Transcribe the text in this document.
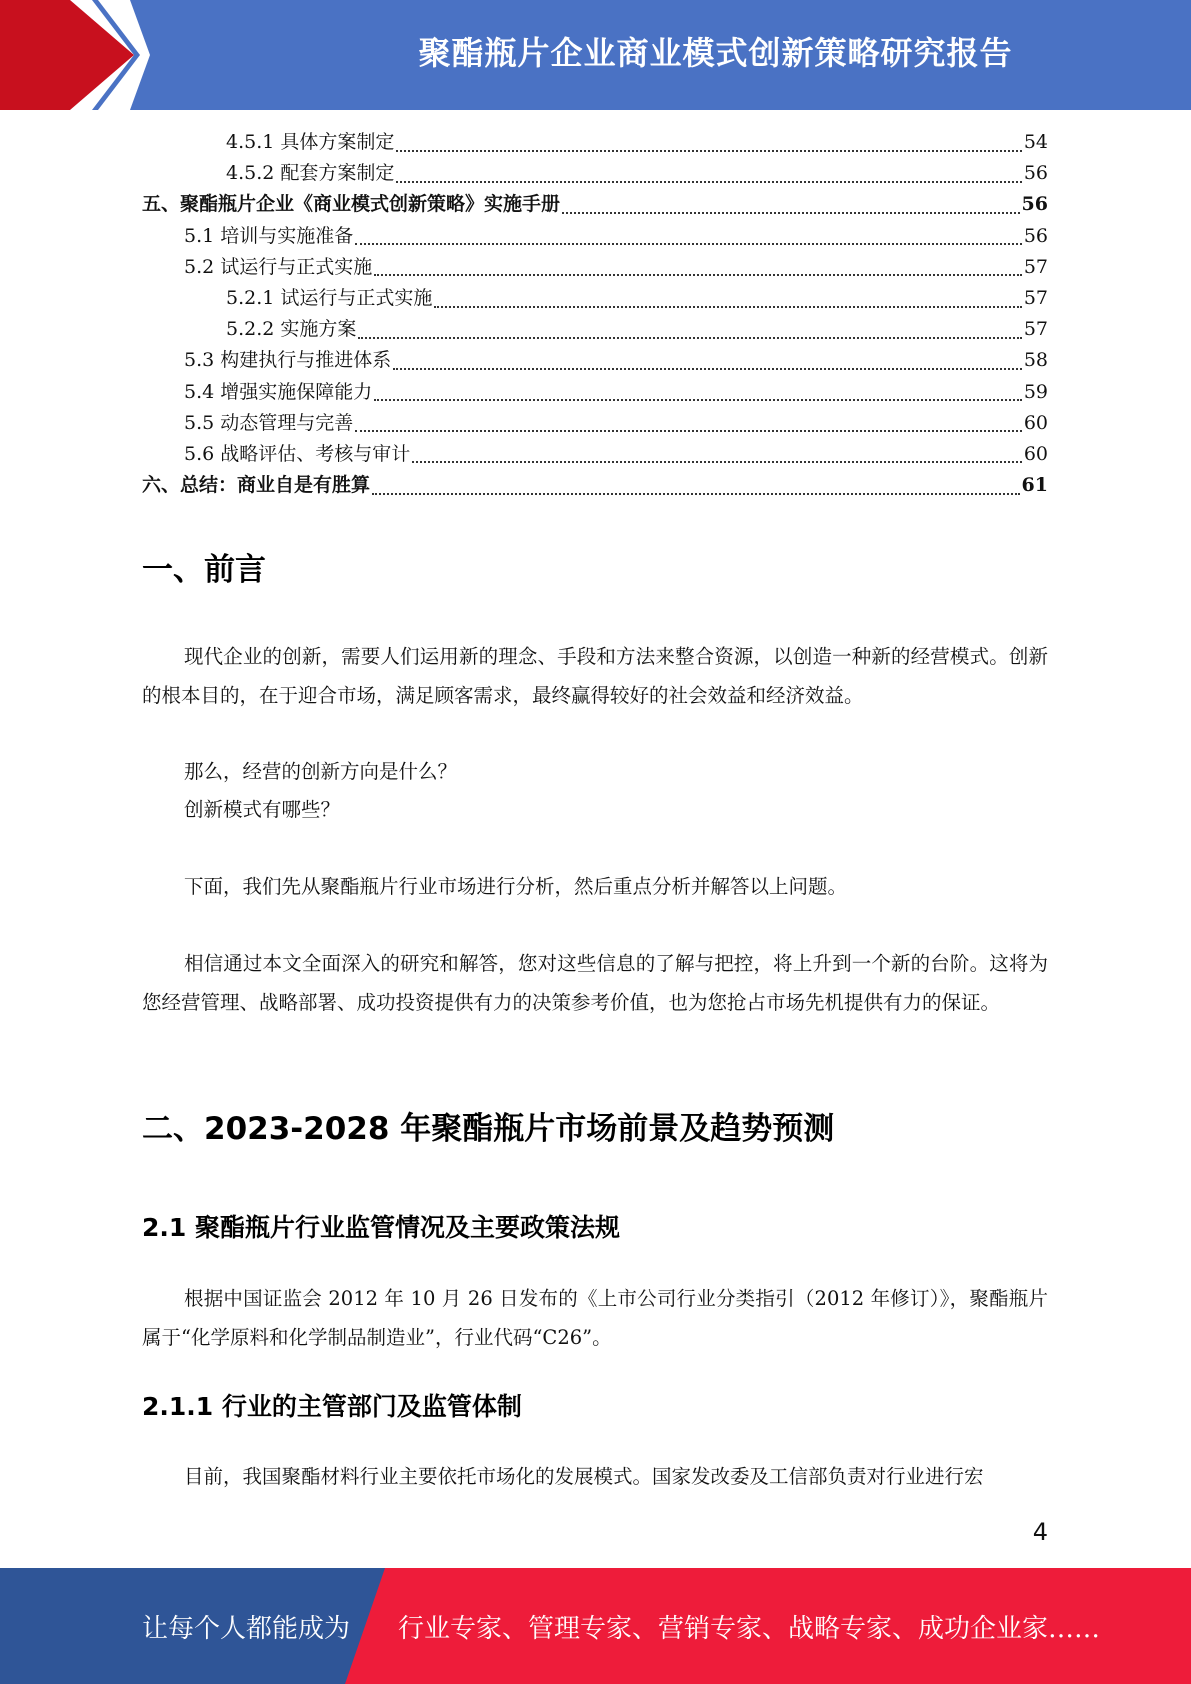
聚酯瓶片企业商业模式创新策略研究报告
4.5.1 具体方案制定	54
4.5.2 配套方案制定	56
五、聚酯瓶片企业《商业模式创新策略》实施手册	56
5.1 培训与实施准备	56
5.2 试运行与正式实施	57
5.2.1 试运行与正式实施	57
5.2.2 实施方案	57
5.3 构建执行与推进体系	58
5.4 增强实施保障能力	59
5.5 动态管理与完善	60
5.6 战略评估、考核与审计	60
六、总结：商业自是有胜算	61
一、前言

现代企业的创新，需要人们运用新的理念、手段和方法来整合资源，以创造一种新的经营模式。创新的根本目的，在于迎合市场，满足顾客需求，最终赢得较好的社会效益和经济效益。

那么，经营的创新方向是什么？

创新模式有哪些？

下面，我们先从聚酯瓶片行业市场进行分析，然后重点分析并解答以上问题。

相信通过本文全面深入的研究和解答，您对这些信息的了解与把控，将上升到一个新的台阶。这将为您经营管理、战略部署、成功投资提供有力的决策参考价值，也为您抢占市场先机提供有力的保证。

二、2023-2028 年聚酯瓶片市场前景及趋势预测
2.1 聚酯瓶片行业监管情况及主要政策法规

根据中国证监会 2012 年 10 月 26 日发布的《上市公司行业分类指引（2012 年修订）》，聚酯瓶片属于“化学原料和化学制品制造业”，行业代码“C26”。

2.1.1 行业的主管部门及监管体制

目前，我国聚酯材料行业主要依托市场化的发展模式。国家发改委及工信部负责对行业进行宏

4
让每个人都能成为 行业专家、管理专家、营销专家、战略专家、成功企业家……
